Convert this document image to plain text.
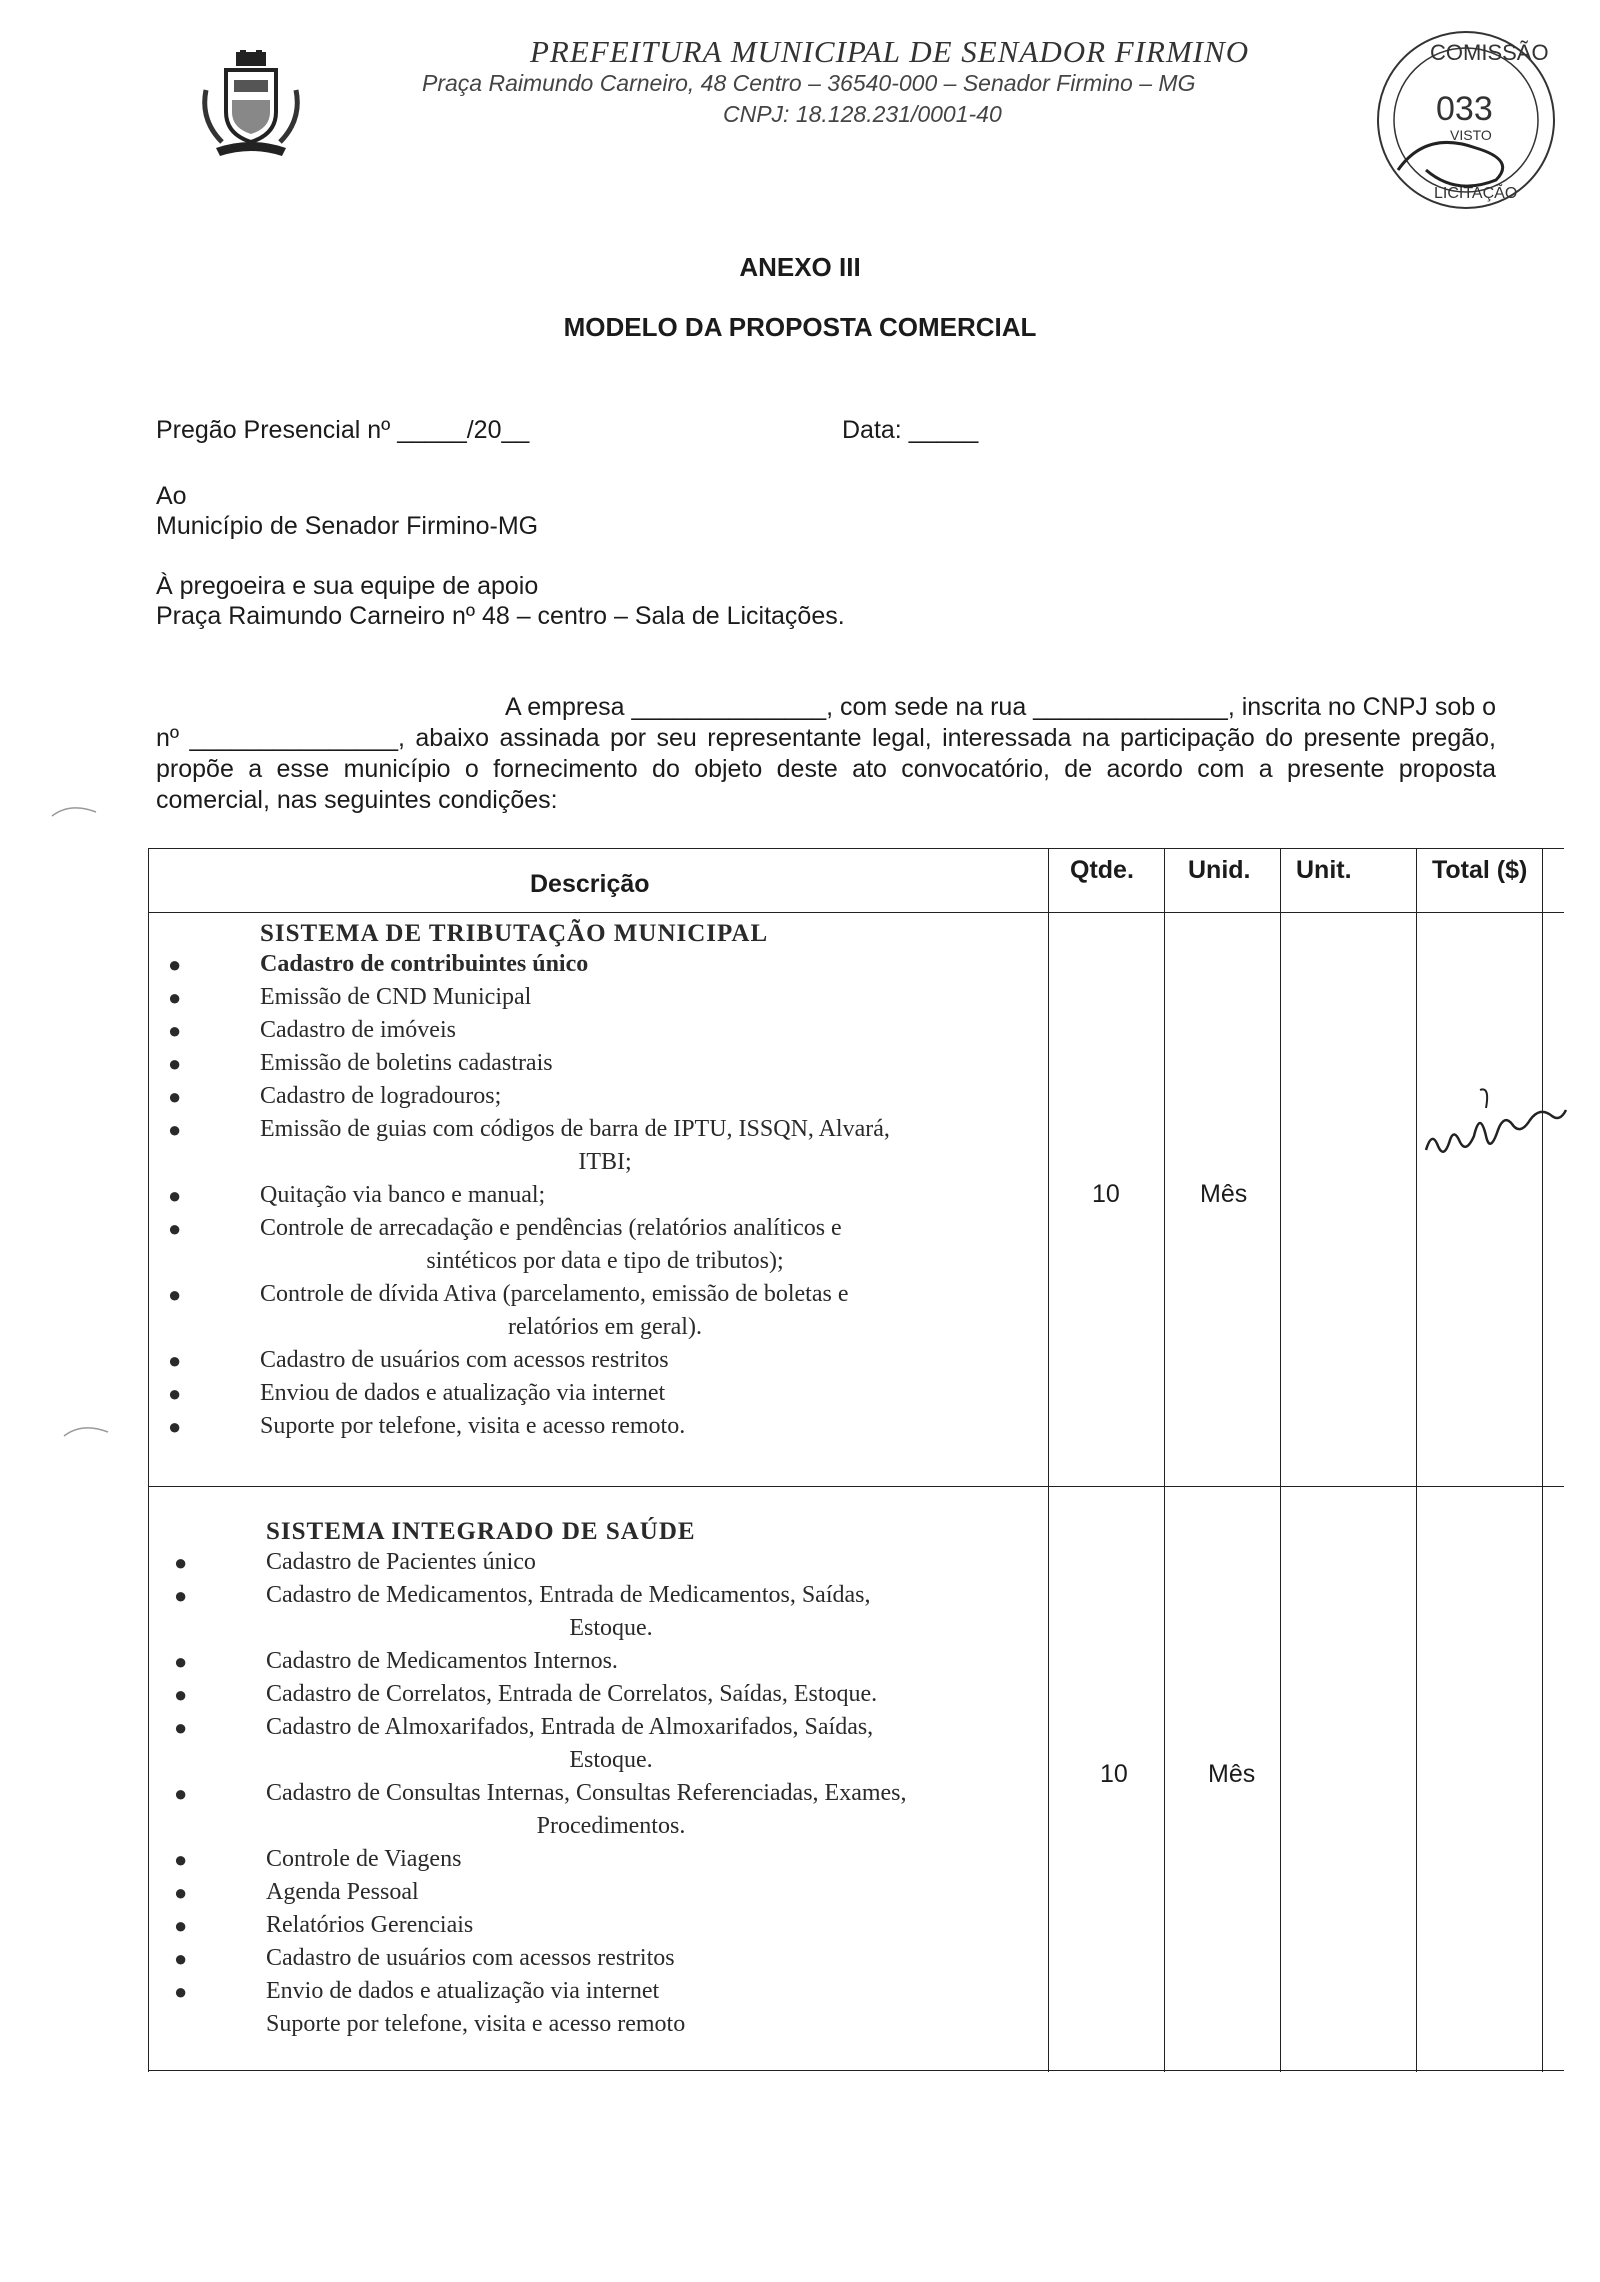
PREFEITURA MUNICIPAL DE SENADOR FIRMINO
Praça Raimundo Carneiro, 48 Centro – 36540-000 – Senador Firmino – MG
CNPJ: 18.128.231/0001-40
COMISSÃO
033
VISTO
LICITAÇÃO
ANEXO III
MODELO DA PROPOSTA COMERCIAL
Pregão Presencial nº _____/20__	Data: _____
Ao
Município de Senador Firmino-MG
À pregoeira e sua equipe de apoio
Praça Raimundo Carneiro nº 48 – centro – Sala de Licitações.
A empresa ______________, com sede na rua ______________, inscrita no CNPJ sob o
nº _______________, abaixo assinada por seu representante legal, interessada na participação do presente pregão, propõe a esse município o fornecimento do objeto deste ato convocatório, de acordo com a presente proposta comercial, nas seguintes condições:
Descrição	Qtde. Unid. Unit.	Total ($)
SISTEMA DE TRIBUTAÇÃO MUNICIPAL
●	Cadastro de contribuintes único
●	Emissão de CND Municipal
●	Cadastro de imóveis
●	Emissão de boletins cadastrais
●	Cadastro de logradouros;
●	Emissão de guias com códigos de barra de IPTU, ISSQN, Alvará,
ITBI;
●	Quitação via banco e manual;
●	Controle de arrecadação e pendências (relatórios analíticos e
sintéticos por data e tipo de tributos);
●	Controle de dívida Ativa (parcelamento, emissão de boletas e
relatórios em geral).
●	Cadastro de usuários com acessos restritos
●	Enviou de dados e atualização via internet
●	Suporte por telefone, visita e acesso remoto.
10	Mês
SISTEMA INTEGRADO DE SAÚDE
●	Cadastro de Pacientes único
●	Cadastro de Medicamentos, Entrada de Medicamentos, Saídas,
Estoque.
●	Cadastro de Medicamentos Internos.
●	Cadastro de Correlatos, Entrada de Correlatos, Saídas, Estoque.
●	Cadastro de Almoxarifados, Entrada de Almoxarifados, Saídas,
Estoque.
●	Cadastro de Consultas Internas, Consultas Referenciadas, Exames,
Procedimentos.
●	Controle de Viagens
●	Agenda Pessoal
●	Relatórios Gerenciais
●	Cadastro de usuários com acessos restritos
●	Envio de dados e atualização via internet
Suporte por telefone, visita e acesso remoto
10	Mês
